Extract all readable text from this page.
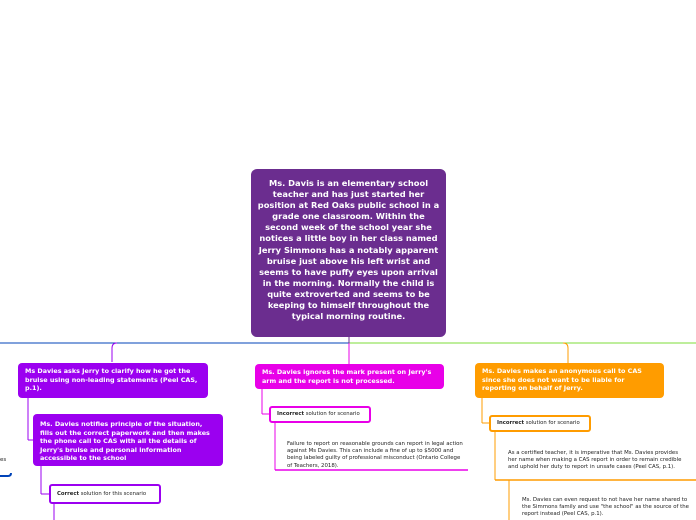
Ms. Davis is an elementary school teacher and has just started her position at Red Oaks public school in a grade one classroom. Within the second week of the school year she notices a little boy in her class named Jerry Simmons has a notably apparent bruise just above his left wrist and seems to have puffy eyes upon arrival in the morning. Normally the child is quite extroverted and seems to be keeping to himself throughout the typical morning routine.
Ms Davies asks Jerry to clarify how he got the bruise using non-leading statements (Peel CAS, p.1).
Ms. Davies notifies principle of the situation, fills out the correct paperwork and then makes the phone call to CAS with all the details of Jerry's bruise and personal information accessible to the school
Correct solution for this scenario
es
Ms. Davies ignores the mark present on Jerry's arm and the report is not processed.
Incorrect solution for scenario
Failure to report on reasonable grounds can report in legal action against Ms Davies. This can include a fine of up to $5000 and being labeled guilty of professional misconduct (Ontario College of Teachers, 2018).
Ms. Davies makes an anonymous call to CAS since she does not want to be liable for reporting on behalf of Jerry.
Incorrect solution for scenario
As a certified teacher, it is imperative that Ms. Davies provides her name when making a CAS report in order to remain credible and uphold her duty to report in unsafe cases (Peel CAS, p.1).
Ms. Davies can even request to not have her name shared to the Simmons family and use "the school" as the source of the report instead (Peel CAS, p.1).
